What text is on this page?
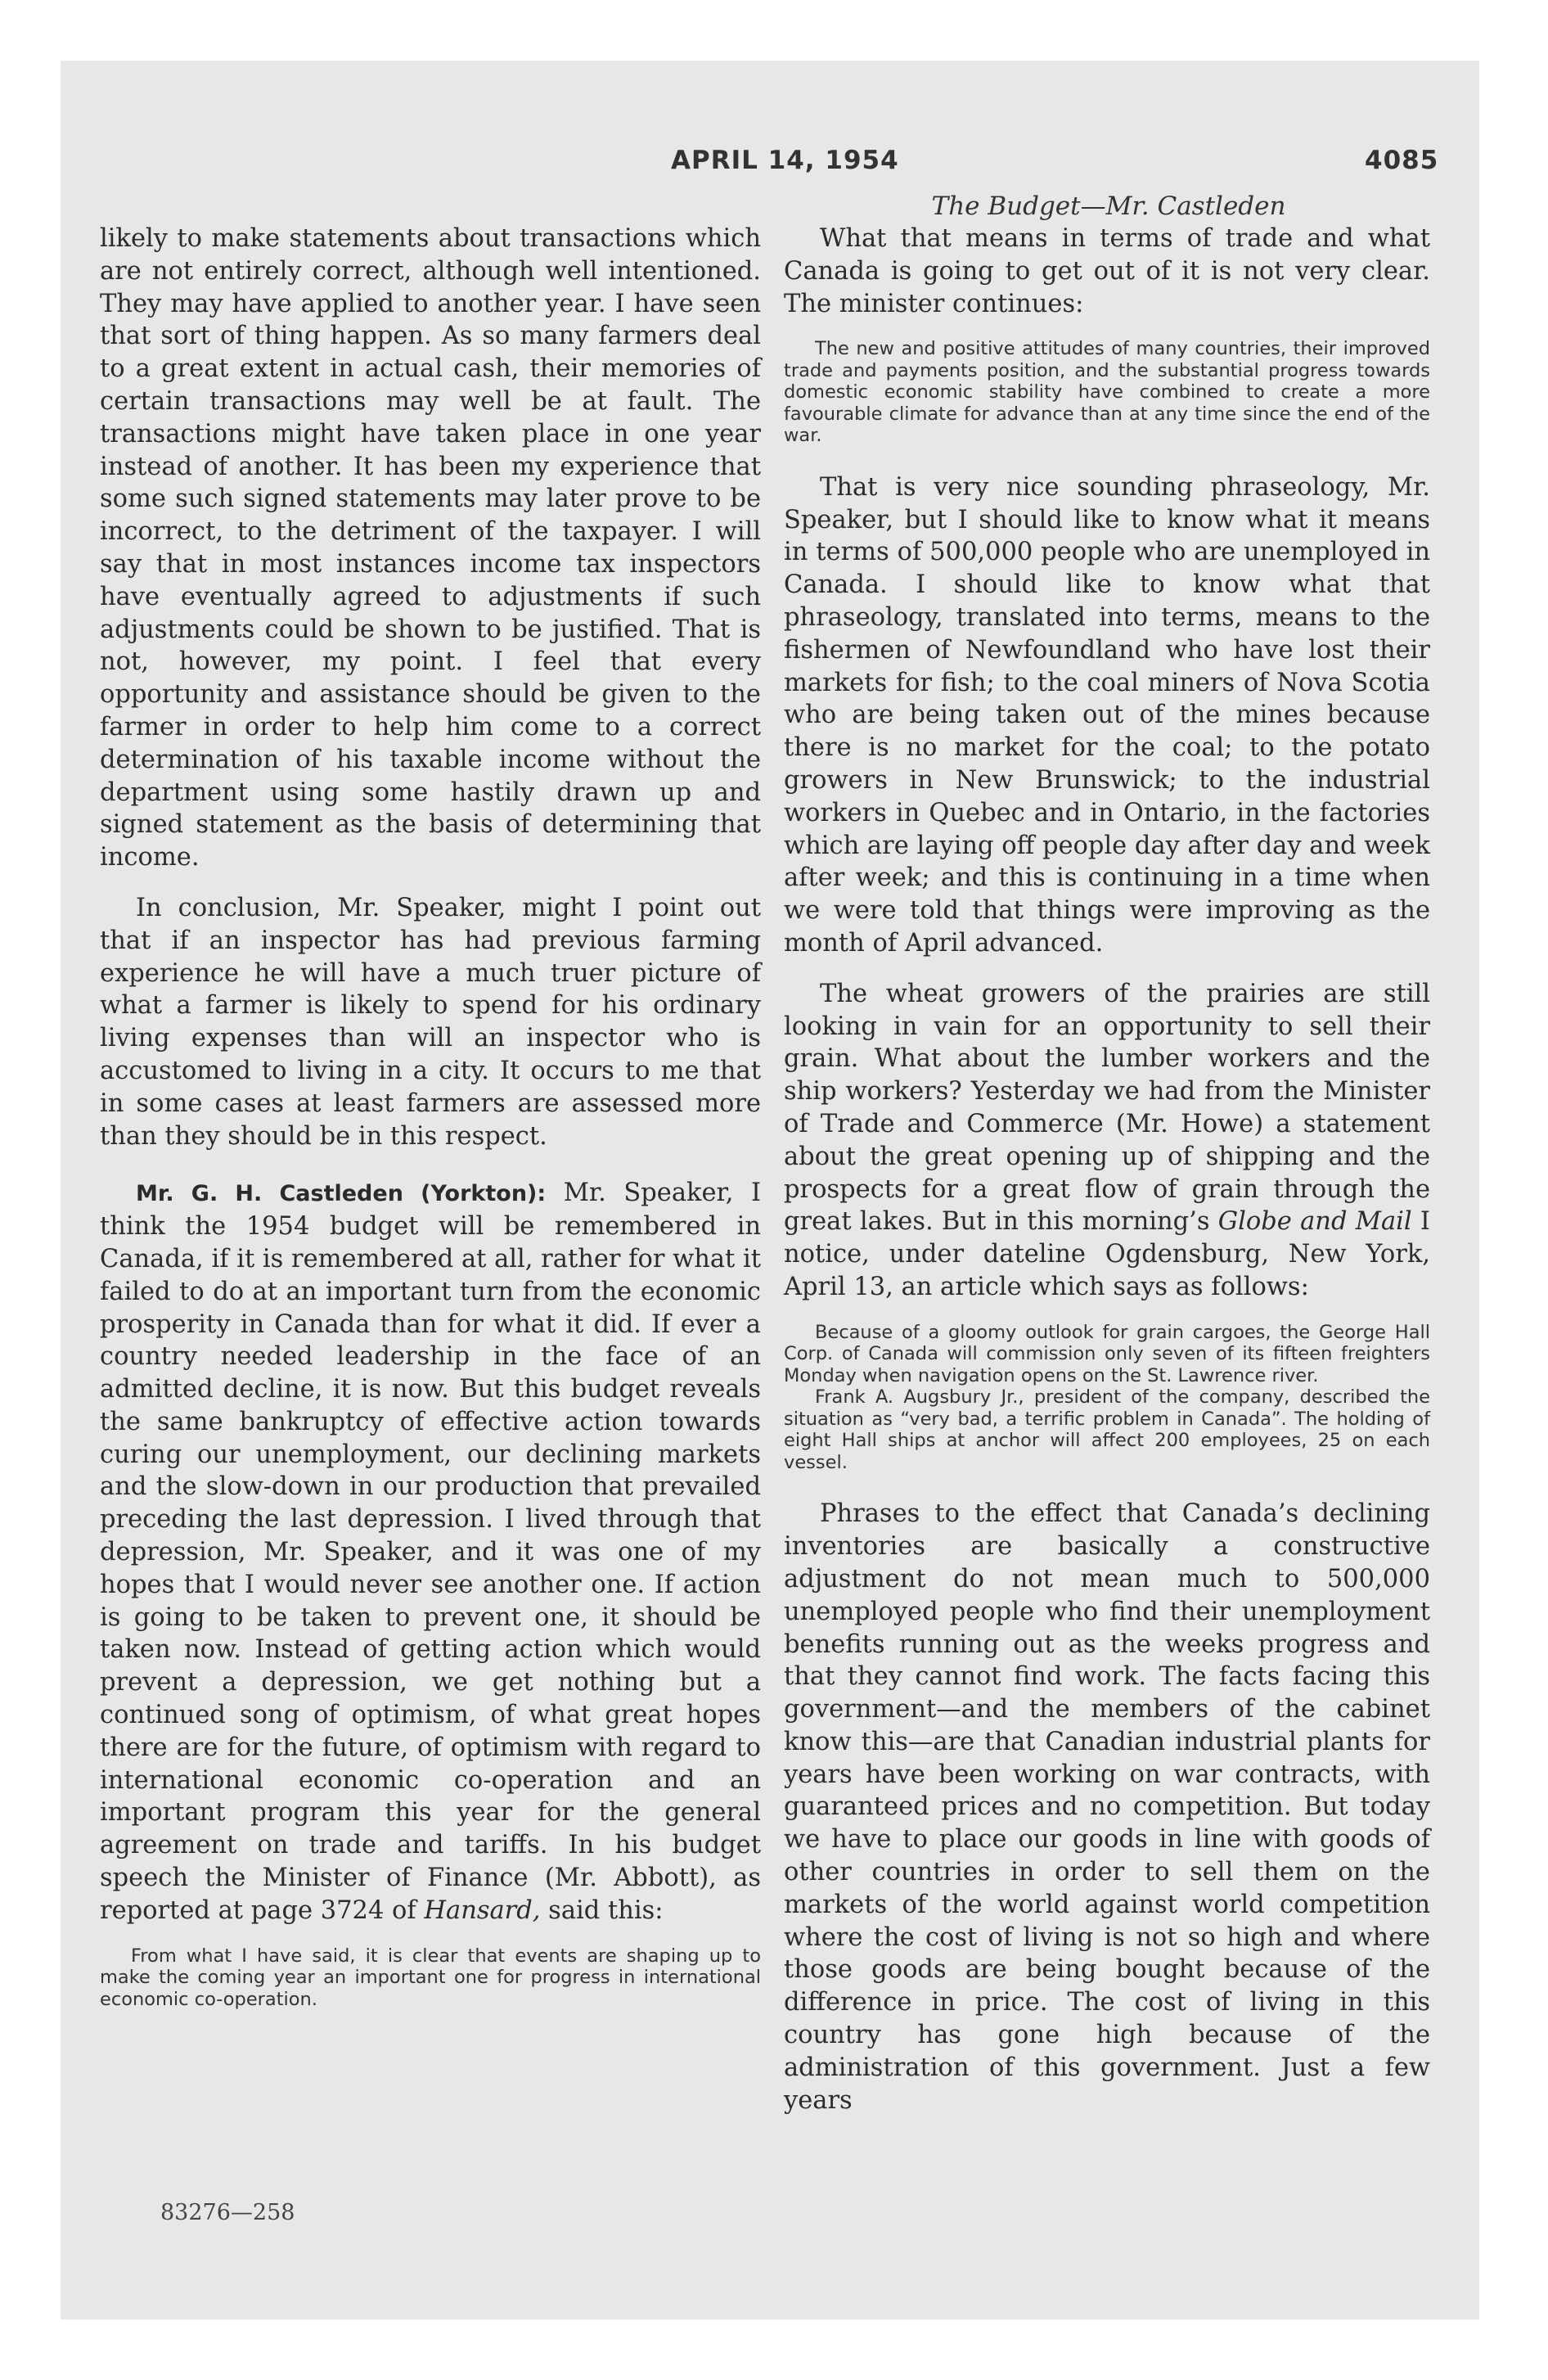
APRIL 14, 1954	4085
The Budget—Mr. Castleden

likely to make statements about transactions which are not entirely correct, although well intentioned. They may have applied to another year. I have seen that sort of thing happen. As so many farmers deal to a great extent in actual cash, their memories of certain transactions may well be at fault. The transactions might have taken place in one year instead of another. It has been my experience that some such signed statements may later prove to be incorrect, to the detriment of the taxpayer. I will say that in most instances income tax inspectors have eventually agreed to adjustments if such adjustments could be shown to be justified. That is not, however, my point. I feel that every opportunity and assistance should be given to the farmer in order to help him come to a correct determination of his taxable income without the department using some hastily drawn up and signed statement as the basis of determining that income.

In conclusion, Mr. Speaker, might I point out that if an inspector has had previous farming experience he will have a much truer picture of what a farmer is likely to spend for his ordinary living expenses than will an inspector who is accustomed to living in a city. It occurs to me that in some cases at least farmers are assessed more than they should be in this respect.

Mr. G. H. Castleden (Yorkton): Mr. Speaker, I think the 1954 budget will be remembered in Canada, if it is remembered at all, rather for what it failed to do at an important turn from the economic prosperity in Canada than for what it did. If ever a country needed leadership in the face of an admitted decline, it is now. But this budget reveals the same bankruptcy of effective action towards curing our unemployment, our declining markets and the slow-down in our production that prevailed preceding the last depression. I lived through that depression, Mr. Speaker, and it was one of my hopes that I would never see another one. If action is going to be taken to prevent one, it should be taken now. Instead of getting action which would prevent a depression, we get nothing but a continued song of optimism, of what great hopes there are for the future, of optimism with regard to international economic co-operation and an important program this year for the general agreement on trade and tariffs. In his budget speech the Minister of Finance (Mr. Abbott), as reported at page 3724 of Hansard, said this:

From what I have said, it is clear that events are shaping up to make the coming year an important one for progress in international economic co-operation.
83276—258

What that means in terms of trade and what Canada is going to get out of it is not very clear. The minister continues:

The new and positive attitudes of many countries, their improved trade and payments position, and the substantial progress towards domestic economic stability have combined to create a more favourable climate for advance than at any time since the end of the war.

That is very nice sounding phraseology, Mr. Speaker, but I should like to know what it means in terms of 500,000 people who are unemployed in Canada. I should like to know what that phraseology, translated into terms, means to the fishermen of Newfoundland who have lost their markets for fish; to the coal miners of Nova Scotia who are being taken out of the mines because there is no market for the coal; to the potato growers in New Brunswick; to the industrial workers in Quebec and in Ontario, in the factories which are laying off people day after day and week after week; and this is continuing in a time when we were told that things were improving as the month of April advanced.

The wheat growers of the prairies are still looking in vain for an opportunity to sell their grain. What about the lumber workers and the ship workers? Yesterday we had from the Minister of Trade and Commerce (Mr. Howe) a statement about the great opening up of shipping and the prospects for a great flow of grain through the great lakes. But in this morning’s Globe and Mail I notice, under dateline Ogdensburg, New York, April 13, an article which says as follows:

Because of a gloomy outlook for grain cargoes, the George Hall Corp. of Canada will commission only seven of its fifteen freighters Monday when navigation opens on the St. Lawrence river.
Frank A. Augsbury Jr., president of the company, described the situation as “very bad, a terrific problem in Canada”. The holding of eight Hall ships at anchor will affect 200 employees, 25 on each vessel.

Phrases to the effect that Canada’s declining inventories are basically a constructive adjustment do not mean much to 500,000 unemployed people who find their unemployment benefits running out as the weeks progress and that they cannot find work. The facts facing this government—and the members of the cabinet know this—are that Canadian industrial plants for years have been working on war contracts, with guaranteed prices and no competition. But today we have to place our goods in line with goods of other countries in order to sell them on the markets of the world against world competition where the cost of living is not so high and where those goods are being bought because of the difference in price. The cost of living in this country has gone high because of the administration of this government. Just a few years
